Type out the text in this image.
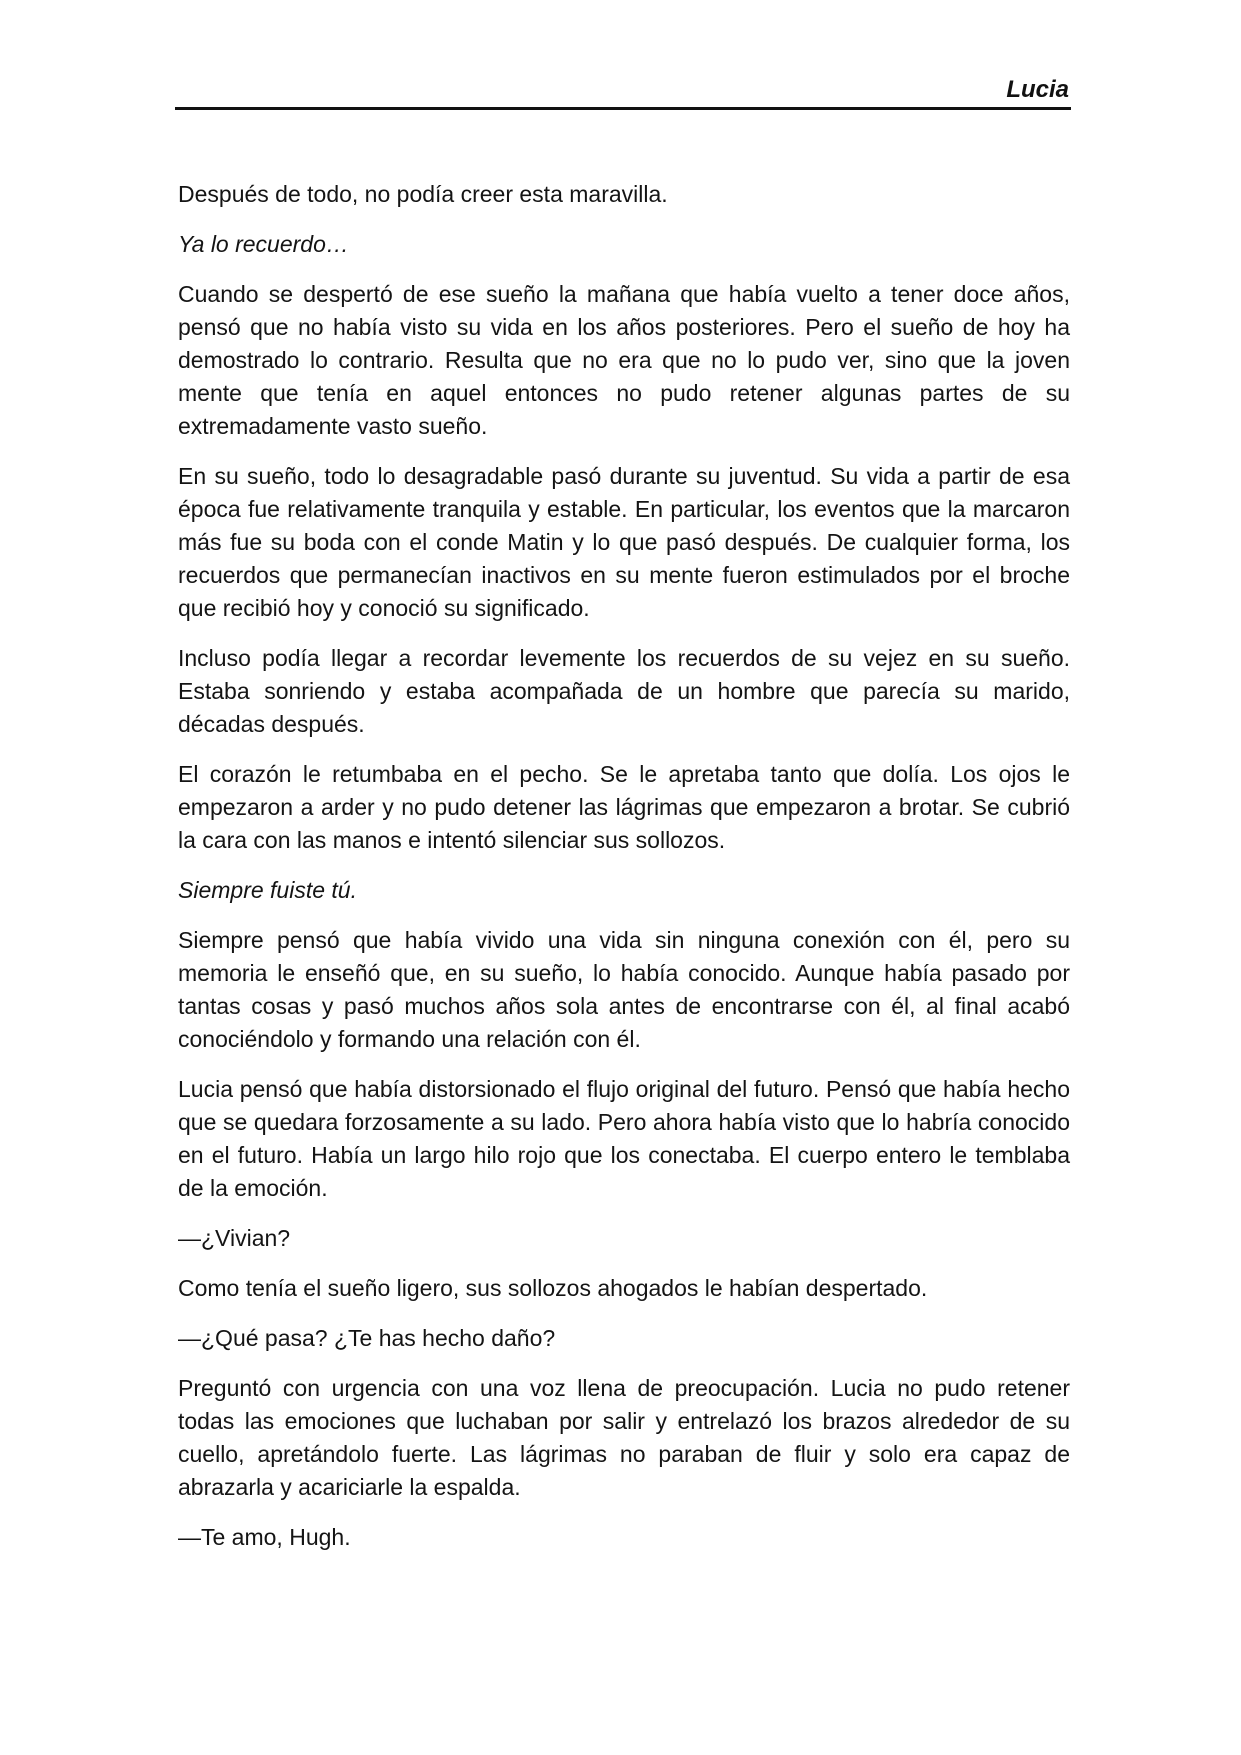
Lucia

Después de todo, no podía creer esta maravilla.

Ya lo recuerdo…

Cuando se despertó de ese sueño la mañana que había vuelto a tener doce años, pensó que no había visto su vida en los años posteriores. Pero el sueño de hoy ha demostrado lo contrario. Resulta que no era que no lo pudo ver, sino que la joven mente que tenía en aquel entonces no pudo retener algunas partes de su extremadamente vasto sueño.

En su sueño, todo lo desagradable pasó durante su juventud. Su vida a partir de esa época fue relativamente tranquila y estable. En particular, los eventos que la marcaron más fue su boda con el conde Matin y lo que pasó después. De cualquier forma, los recuerdos que permanecían inactivos en su mente fueron estimulados por el broche que recibió hoy y conoció su significado.

Incluso podía llegar a recordar levemente los recuerdos de su vejez en su sueño. Estaba sonriendo y estaba acompañada de un hombre que parecía su marido, décadas después.

El corazón le retumbaba en el pecho. Se le apretaba tanto que dolía. Los ojos le empezaron a arder y no pudo detener las lágrimas que empezaron a brotar. Se cubrió la cara con las manos e intentó silenciar sus sollozos.

Siempre fuiste tú.

Siempre pensó que había vivido una vida sin ninguna conexión con él, pero su memoria le enseñó que, en su sueño, lo había conocido. Aunque había pasado por tantas cosas y pasó muchos años sola antes de encontrarse con él, al final acabó conociéndolo y formando una relación con él.

Lucia pensó que había distorsionado el flujo original del futuro. Pensó que había hecho que se quedara forzosamente a su lado. Pero ahora había visto que lo habría conocido en el futuro. Había un largo hilo rojo que los conectaba. El cuerpo entero le temblaba de la emoción.

—¿Vivian?

Como tenía el sueño ligero, sus sollozos ahogados le habían despertado.

—¿Qué pasa? ¿Te has hecho daño?

Preguntó con urgencia con una voz llena de preocupación. Lucia no pudo retener todas las emociones que luchaban por salir y entrelazó los brazos alrededor de su cuello, apretándolo fuerte. Las lágrimas no paraban de fluir y solo era capaz de abrazarla y acariciarle la espalda.

—Te amo, Hugh.
